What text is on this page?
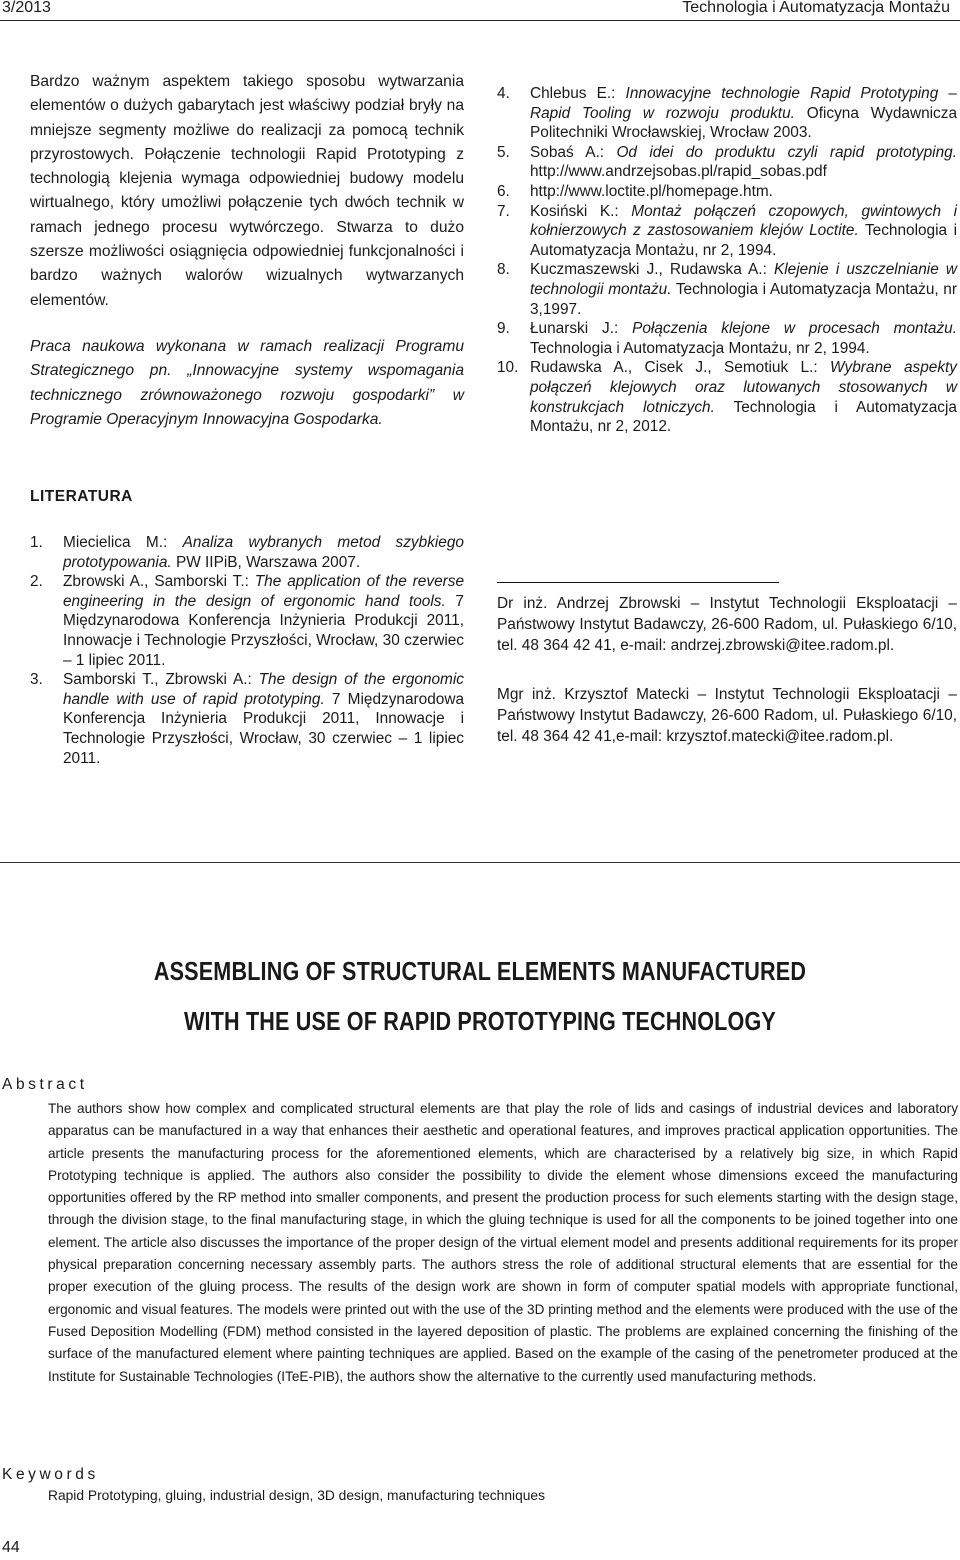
3/2013	Technologia i Automatyzacja Montażu

Bardzo ważnym aspektem takiego sposobu wytwarzania elementów o dużych gabarytach jest właściwy podział bryły na mniejsze segmenty możliwe do realizacji za pomocą technik przyrostowych. Połączenie technologii Rapid Prototyping z technologią klejenia wymaga odpowiedniej budowy modelu wirtualnego, który umożliwi połączenie tych dwóch technik w ramach jednego procesu wytwórczego. Stwarza to dużo szersze możliwości osiągnięcia odpowiedniej funkcjonalności i bardzo ważnych walorów wizualnych wytwarzanych elementów.

Praca naukowa wykonana w ramach realizacji Programu Strategicznego pn. „Innowacyjne systemy wspomagania technicznego zrównoważonego rozwoju gospodarki” w Programie Operacyjnym Innowacyjna Gospodarka.

LITERATURA
1. Miecielica M.: Analiza wybranych metod szybkiego prototypowania. PW IIPiB, Warszawa 2007.
2. Zbrowski A., Samborski T.: The application of the reverse engineering in the design of ergonomic hand tools. 7 Międzynarodowa Konferencja Inżynieria Produkcji 2011, Innowacje i Technologie Przyszłości, Wrocław, 30 czerwiec – 1 lipiec 2011.
3. Samborski T., Zbrowski A.: The design of the ergonomic handle with use of rapid prototyping. 7 Międzynarodowa Konferencja Inżynieria Produkcji 2011, Innowacje i Technologie Przyszłości, Wrocław, 30 czerwiec – 1 lipiec 2011.
4. Chlebus E.: Innowacyjne technologie Rapid Prototyping – Rapid Tooling w rozwoju produktu. Oficyna Wydawnicza Politechniki Wrocławskiej, Wrocław 2003.
5. Sobaś A.: Od idei do produktu czyli rapid prototyping. http://www.andrzejsobas.pl/rapid_sobas.pdf
6. http://www.loctite.pl/homepage.htm.
7. Kosiński K.: Montaż połączeń czopowych, gwintowych i kołnierzowych z zastosowaniem klejów Loctite. Technologia i Automatyzacja Montażu, nr 2, 1994.
8. Kuczmaszewski J., Rudawska A.: Klejenie i uszczelnianie w technologii montażu. Technologia i Automatyzacja Montażu, nr 3,1997.
9. Łunarski J.: Połączenia klejone w procesach montażu. Technologia i Automatyzacja Montażu, nr 2, 1994.
10. Rudawska A., Cisek J., Semotiuk L.: Wybrane aspekty połączeń klejowych oraz lutowanych stosowanych w konstrukcjach lotniczych. Technologia i Automatyzacja Montażu, nr 2, 2012.

Dr inż. Andrzej Zbrowski – Instytut Technologii Eksploatacji – Państwowy Instytut Badawczy, 26-600 Radom, ul. Pułaskiego 6/10, tel. 48 364 42 41, e-mail: andrzej.zbrowski@itee.radom.pl.

Mgr inż. Krzysztof Matecki – Instytut Technologii Eksploatacji – Państwowy Instytut Badawczy, 26-600 Radom, ul. Pułaskiego 6/10, tel. 48 364 42 41,e-mail: krzysztof.matecki@itee.radom.pl.

ASSEMBLING OF STRUCTURAL ELEMENTS MANUFACTURED
WITH THE USE OF RAPID PROTOTYPING TECHNOLOGY
Abstract

The authors show how complex and complicated structural elements are that play the role of lids and casings of industrial devices and laboratory apparatus can be manufactured in a way that enhances their aesthetic and operational features, and improves practical application opportunities. The article presents the manufacturing process for the aforementioned elements, which are characterised by a relatively big size, in which Rapid Prototyping technique is applied. The authors also consider the possibility to divide the element whose dimensions exceed the manufacturing opportunities offered by the RP method into smaller components, and present the production process for such elements starting with the design stage, through the division stage, to the final manufacturing stage, in which the gluing technique is used for all the components to be joined together into one element. The article also discusses the importance of the proper design of the virtual element model and presents additional requirements for its proper physical preparation concerning necessary assembly parts. The authors stress the role of additional structural elements that are essential for the proper execution of the gluing process. The results of the design work are shown in form of computer spatial models with appropriate functional, ergonomic and visual features. The models were printed out with the use of the 3D printing method and the elements were produced with the use of the Fused Deposition Modelling (FDM) method consisted in the layered deposition of plastic. The problems are explained concerning the finishing of the surface of the manufactured element where painting techniques are applied. Based on the example of the casing of the penetrometer produced at the Institute for Sustainable Technologies (ITeE-PIB), the authors show the alternative to the currently used manufacturing methods.

Keywords

Rapid Prototyping, gluing, industrial design, 3D design, manufacturing techniques

44
